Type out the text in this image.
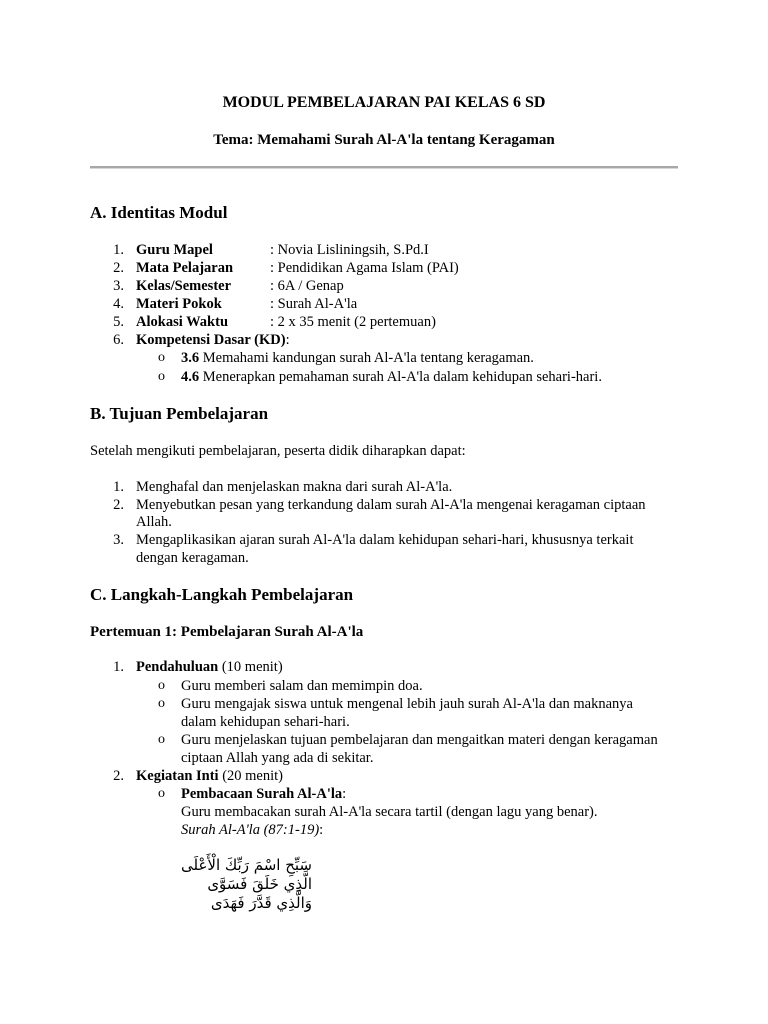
MODUL PEMBELAJARAN PAI KELAS 6 SD
Tema: Memahami Surah Al-A'la tentang Keragaman
A. Identitas Modul
1. Guru Mapel	: Novia Lisliningsih, S.Pd.I
2. Mata Pelajaran	: Pendidikan Agama Islam (PAI)
3. Kelas/Semester	: 6A / Genap
4. Materi Pokok	: Surah Al-A'la
5. Alokasi Waktu	: 2 x 35 menit (2 pertemuan)
6. Kompetensi Dasar (KD):
o 3.6 Memahami kandungan surah Al-A'la tentang keragaman.
o 4.6 Menerapkan pemahaman surah Al-A'la dalam kehidupan sehari-hari.
B. Tujuan Pembelajaran
Setelah mengikuti pembelajaran, peserta didik diharapkan dapat:
1. Menghafal dan menjelaskan makna dari surah Al-A'la.
2. Menyebutkan pesan yang terkandung dalam surah Al-A'la mengenai keragaman ciptaan
Allah.
3. Mengaplikasikan ajaran surah Al-A'la dalam kehidupan sehari-hari, khususnya terkait
dengan keragaman.
C. Langkah-Langkah Pembelajaran
Pertemuan 1: Pembelajaran Surah Al-A'la
1. Pendahuluan (10 menit)
o Guru memberi salam dan memimpin doa.
o Guru mengajak siswa untuk mengenal lebih jauh surah Al-A'la dan maknanya
dalam kehidupan sehari-hari.
o Guru menjelaskan tujuan pembelajaran dan mengaitkan materi dengan keragaman
ciptaan Allah yang ada di sekitar.
2. Kegiatan Inti (20 menit)
o Pembacaan Surah Al-A'la:
Guru membacakan surah Al-A'la secara tartil (dengan lagu yang benar).
Surah Al-A'la (87:1-19):
سَبِّحِ اسْمَ رَبِّكَ الْأَعْلَى
الَّذِي خَلَقَ فَسَوَّى
وَالَّذِي قَدَّرَ فَهَدَى
